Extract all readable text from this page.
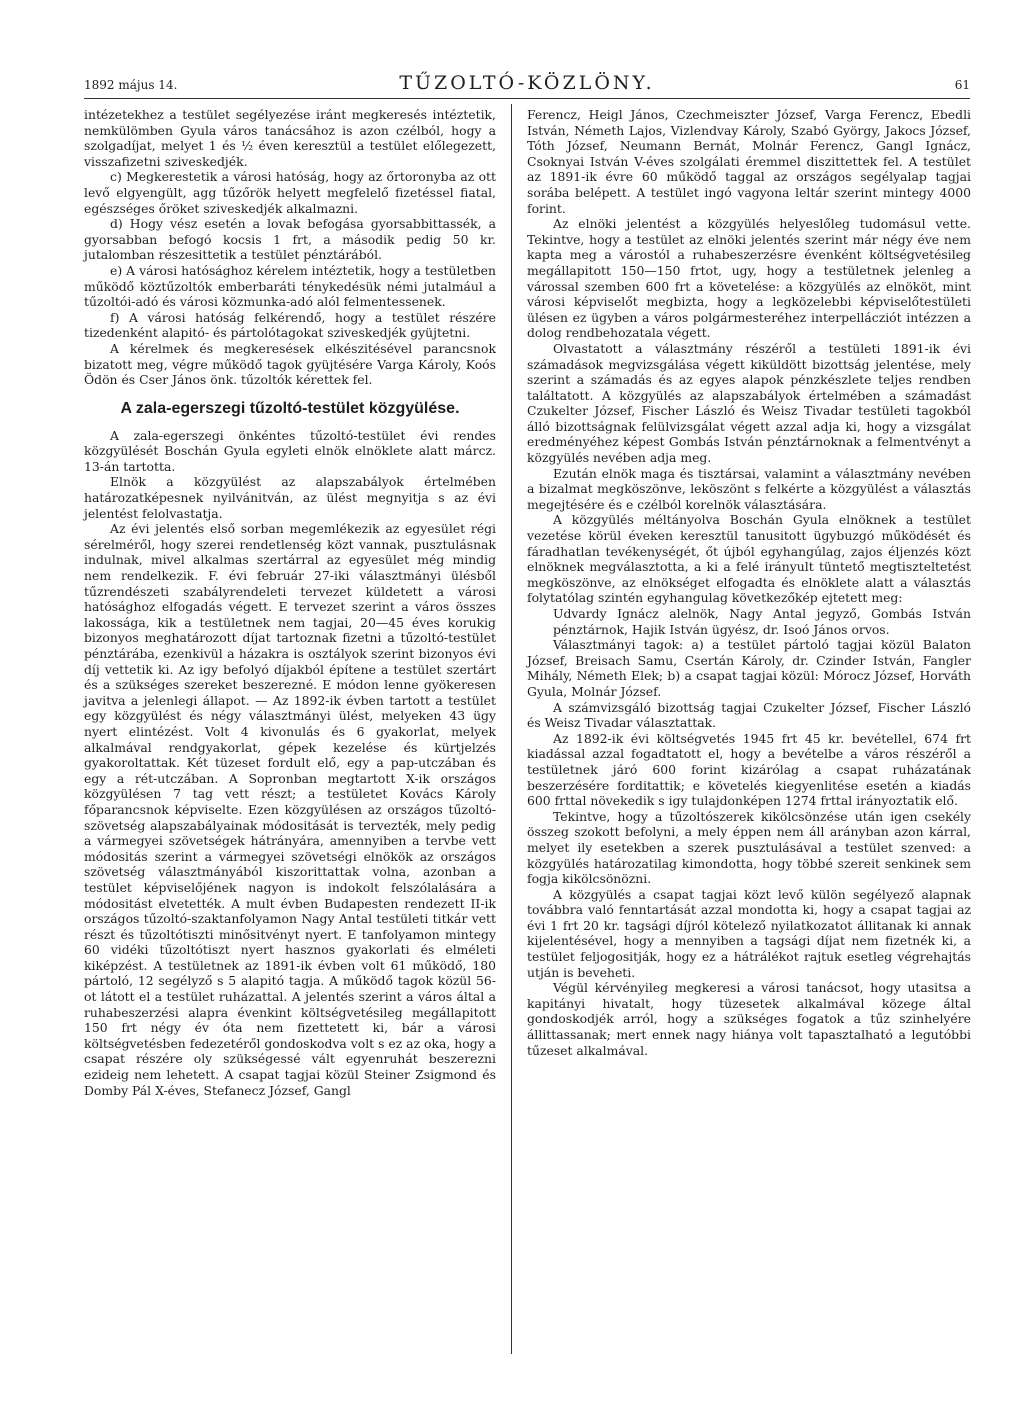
1892 május 14.	TŰZOLTÓ-KÖZLÖNY.	61

intézetekhez a testület segélyezése iránt megkeresés intéztetik, nemkülömben Gyula város tanácsához is azon czélból, hogy a szolgadíjat, melyet 1 és ½ éven keresztül a testület előlegezett, visszafizetni sziveskedjék.

c) Megkerestetik a városi hatóság, hogy az őrtoronyba az ott levő elgyengült, agg tűzőrök helyett megfelelő fizetéssel fiatal, egészséges őröket sziveskedjék alkalmazni.

d) Hogy vész esetén a lovak befogása gyorsabbittassék, a gyorsabban befogó kocsis 1 frt, a második pedig 50 kr. jutalomban részesittetik a testület pénztárából.

e) A városi hatósághoz kérelem intéztetik, hogy a testületben működő köztűzoltók emberbaráti ténykedésük némi jutalmául a tűzoltói-adó és városi közmunka-adó alól felmentessenek.

f) A városi hatóság felkérendő, hogy a testület részére tizedenként alapitó- és pártolótagokat sziveskedjék gyüjtetni.

A kérelmek és megkeresések elkészitésével parancsnok bizatott meg, végre működő tagok gyüjtésére Varga Károly, Koós Ödön és Cser János önk. tűzoltók kérettek fel.

A zala-egerszegi tűzoltó-testület közgyülése.

A zala-egerszegi önkéntes tűzoltó-testület évi rendes közgyülését Boschán Gyula egyleti elnök elnöklete alatt márcz. 13-án tartotta.

Elnök a közgyülést az alapszabályok értelmében határozatképesnek nyilvánitván, az ülést megnyitja s az évi jelentést felolvastatja.

Az évi jelentés első sorban megemlékezik az egyesület régi sérelméről, hogy szerei rendetlenség közt vannak, pusztulásnak indulnak, mivel alkalmas szertárral az egyesület még mindig nem rendelkezik. F. évi február 27-iki választmányi ülésből tűzrendészeti szabályrendeleti tervezet küldetett a városi hatósághoz elfogadás végett. E tervezet szerint a város összes lakossága, kik a testületnek nem tagjai, 20—45 éves korukig bizonyos meghatározott díjat tartoznak fizetni a tűzoltó-testület pénztárába, ezenkivül a házakra is osztályok szerint bizonyos évi díj vettetik ki. Az igy befolyó díjakból építene a testület szertárt és a szükséges szereket beszerezné. E módon lenne gyökeresen javitva a jelenlegi állapot. — Az 1892-ik évben tartott a testület egy közgyülést és négy választmányi ülést, melyeken 43 ügy nyert elintézést. Volt 4 kivonulás és 6 gyakorlat, melyek alkalmával rendgyakorlat, gépek kezelése és kürtjelzés gyakoroltattak. Két tüzeset fordult elő, egy a pap-utczában és egy a rét-utczában. A Sopronban megtartott X-ik országos közgyülésen 7 tag vett részt; a testületet Kovács Károly főparancsnok képviselte. Ezen közgyülésen az országos tűzoltó-szövetség alapszabályainak módositását is tervezték, mely pedig a vármegyei szövetségek hátrányára, amennyiben a tervbe vett módositás szerint a vármegyei szövetségi elnökök az országos szövetség választmányából kiszorittattak volna, azonban a testület képviselőjének nagyon is indokolt felszólalására a módositást elvetették. A mult évben Budapesten rendezett II-ik országos tűzoltó-szaktanfolyamon Nagy Antal testületi titkár vett részt és tűzoltótiszti minősitvényt nyert. E tanfolyamon mintegy 60 vidéki tűzoltótiszt nyert hasznos gyakorlati és elméleti kiképzést. A testületnek az 1891-ik évben volt 61 működő, 180 pártoló, 12 segélyző s 5 alapitó tagja. A működő tagok közül 56-ot látott el a testület ruházattal. A jelentés szerint a város által a ruhabeszerzési alapra évenkint költségvetésileg megállapitott 150 frt négy év óta nem fizettetett ki, bár a városi költségvetésben fedezetéről gondoskodva volt s ez az oka, hogy a csapat részére oly szükségessé vált egyenruhát beszerezni ezideig nem lehetett. A csapat tagjai közül Steiner Zsigmond és Domby Pál X-éves, Stefanecz József, Gangl

Ferencz, Heigl János, Czechmeiszter József, Varga Ferencz, Ebedli István, Németh Lajos, Vizlendvay Károly, Szabó György, Jakocs József, Tóth József, Neumann Bernát, Molnár Ferencz, Gangl Ignácz, Csoknyai István V-éves szolgálati éremmel diszittettek fel. A testület az 1891-ik évre 60 működő taggal az országos segélyalap tagjai sorába belépett. A testület ingó vagyona leltár szerint mintegy 4000 forint.

Az elnöki jelentést a közgyülés helyeslőleg tudomásul vette. Tekintve, hogy a testület az elnöki jelentés szerint már négy éve nem kapta meg a várostól a ruhabeszerzésre évenként költségvetésileg megállapitott 150—150 frtot, ugy, hogy a testületnek jelenleg a várossal szemben 600 frt a követelése: a közgyülés az elnököt, mint városi képviselőt megbizta, hogy a legközelebbi képviselőtestületi ülésen ez ügyben a város polgármesteréhez interpellácziót intézzen a dolog rendbehozatala végett.

Olvastatott a választmány részéről a testületi 1891-ik évi számadások megvizsgálása végett kiküldött bizottság jelentése, mely szerint a számadás és az egyes alapok pénzkészlete teljes rendben találtatott. A közgyülés az alapszabályok értelmében a számadást Czukelter József, Fischer László és Weisz Tivadar testületi tagokból álló bizottságnak felülvizsgálat végett azzal adja ki, hogy a vizsgálat eredményéhez képest Gombás István pénztárnoknak a felmentvényt a közgyülés nevében adja meg.

Ezután elnök maga és tisztársai, valamint a választmány nevében a bizalmat megköszönve, leköszönt s felkérte a közgyülést a választás megejtésére és e czélból korelnök választására.

A közgyülés méltányolva Boschán Gyula elnöknek a testület vezetése körül éveken keresztül tanusitott ügybuzgó működését és fáradhatlan tevékenységét, őt újból egyhangúlag, zajos éljenzés közt elnöknek megválasztotta, a ki a felé irányult tüntető megtiszteltetést megköszönve, az elnökséget elfogadta és elnöklete alatt a választás folytatólag szintén egyhangulag következőkép ejtetett meg:

Udvardy Ignácz alelnök, Nagy Antal jegyző, Gombás István pénztárnok, Hajik István ügyész, dr. Isoó János orvos.

Választmányi tagok: a) a testület pártoló tagjai közül Balaton József, Breisach Samu, Csertán Károly, dr. Czinder István, Fangler Mihály, Németh Elek; b) a csapat tagjai közül: Mórocz József, Horváth Gyula, Molnár József.

A számvizsgáló bizottság tagjai Czukelter József, Fischer László és Weisz Tivadar választattak.

Az 1892-ik évi költségvetés 1945 frt 45 kr. bevétellel, 674 frt kiadással azzal fogadtatott el, hogy a bevételbe a város részéről a testületnek járó 600 forint kizárólag a csapat ruházatának beszerzésére forditattik; e követelés kiegyenlitése esetén a kiadás 600 frttal növekedik s igy tulajdonképen 1274 frttal irányoztatik elő.

Tekintve, hogy a tűzoltószerek kikölcsönzése után igen csekély összeg szokott befolyni, a mely éppen nem áll arányban azon kárral, melyet ily esetekben a szerek pusztulásával a testület szenved: a közgyülés határozatilag kimondotta, hogy többé szereit senkinek sem fogja kikölcsönözni.

A közgyülés a csapat tagjai közt levő külön segélyező alapnak továbbra való fenntartását azzal mondotta ki, hogy a csapat tagjai az évi 1 frt 20 kr. tagsági díjról kötelező nyilatkozatot állitanak ki annak kijelentésével, hogy a mennyiben a tagsági díjat nem fizetnék ki, a testület feljogositják, hogy ez a hátrálékot rajtuk esetleg végrehajtás utján is beveheti.

Végül kérvényileg megkeresi a városi tanácsot, hogy utasitsa a kapitányi hivatalt, hogy tüzesetek alkalmával közege által gondoskodjék arról, hogy a szükséges fogatok a tűz szinhelyére állittassanak; mert ennek nagy hiánya volt tapasztalható a legutóbbi tűzeset alkalmával.
